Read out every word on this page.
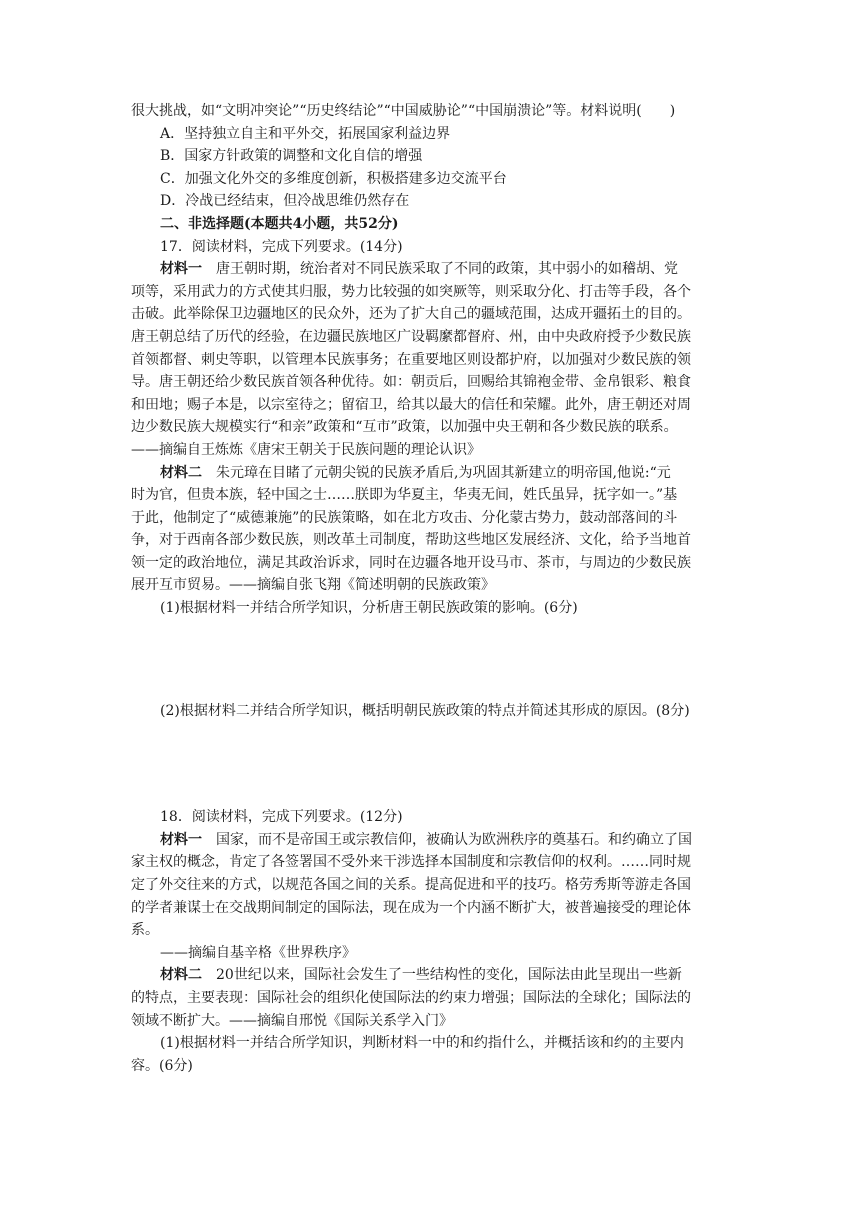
很大挑战，如“文明冲突论”“历史终结论”“中国威胁论”“中国崩溃论”等。材料说明(　　)
A．坚持独立自主和平外交，拓展国家利益边界
B．国家方针政策的调整和文化自信的增强
C．加强文化外交的多维度创新，积极搭建多边交流平台
D．冷战已经结束，但冷战思维仍然存在
二、非选择题(本题共4小题，共52分)
17．阅读材料，完成下列要求。(14分)
材料一 唐王朝时期，统治者对不同民族采取了不同的政策，其中弱小的如稽胡、党
项等，采用武力的方式使其归服，势力比较强的如突厥等，则采取分化、打击等手段，各个
击破。此举除保卫边疆地区的民众外，还为了扩大自己的疆域范围，达成开疆拓土的目的。
唐王朝总结了历代的经验，在边疆民族地区广设羁縻都督府、州，由中央政府授予少数民族
首领都督、刺史等职，以管理本民族事务；在重要地区则设都护府，以加强对少数民族的领
导。唐王朝还给少数民族首领各种优待。如：朝贡后，回赐给其锦袍金带、金帛银彩、粮食
和田地；赐子本是，以宗室待之；留宿卫，给其以最大的信任和荣耀。此外，唐王朝还对周
边少数民族大规模实行“和亲”政策和“互市”政策，以加强中央王朝和各少数民族的联系。
——摘编自王炼炼《唐宋王朝关于民族问题的理论认识》
材料二 朱元璋在目睹了元朝尖锐的民族矛盾后,为巩固其新建立的明帝国,他说:“元
时为官，但贵本族，轻中国之士……朕即为华夏主，华夷无间，姓氏虽异，抚字如一。”基
于此，他制定了“威德兼施”的民族策略，如在北方攻击、分化蒙古势力，鼓动部落间的斗
争，对于西南各部少数民族，则改革土司制度，帮助这些地区发展经济、文化，给予当地首
领一定的政治地位，满足其政治诉求，同时在边疆各地开设马市、茶市，与周边的少数民族
展开互市贸易。——摘编自张飞翔《简述明朝的民族政策》
(1)根据材料一并结合所学知识，分析唐王朝民族政策的影响。(6分)
(2)根据材料二并结合所学知识，概括明朝民族政策的特点并简述其形成的原因。(8分)
18．阅读材料，完成下列要求。(12分)
材料一 国家，而不是帝国王或宗教信仰，被确认为欧洲秩序的奠基石。和约确立了国
家主权的概念，肯定了各签署国不受外来干涉选择本国制度和宗教信仰的权利。……同时规
定了外交往来的方式，以规范各国之间的关系。提高促进和平的技巧。格劳秀斯等游走各国
的学者兼谋士在交战期间制定的国际法，现在成为一个内涵不断扩大，被普遍接受的理论体
系。
——摘编自基辛格《世界秩序》
材料二 20世纪以来，国际社会发生了一些结构性的变化，国际法由此呈现出一些新
的特点，主要表现：国际社会的组织化使国际法的约束力增强；国际法的全球化；国际法的
领域不断扩大。——摘编自邢悦《国际关系学入门》
(1)根据材料一并结合所学知识，判断材料一中的和约指什么，并概括该和约的主要内
容。(6分)
